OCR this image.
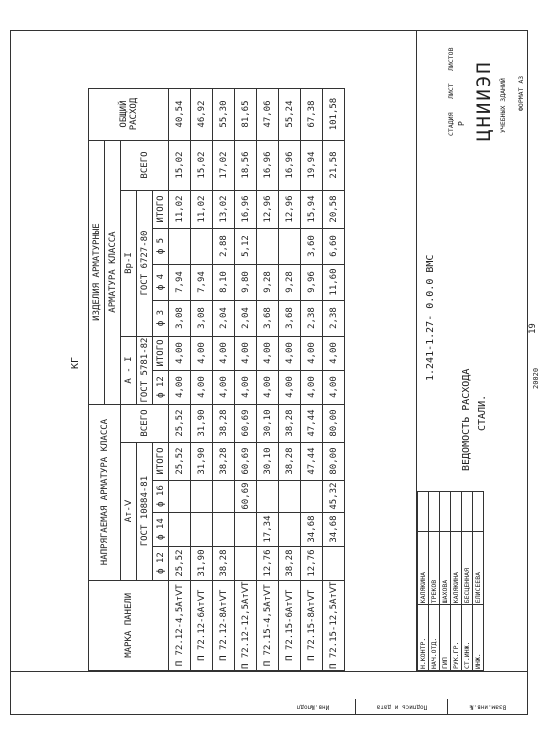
Инв.№подл	Подпись и дата	Взам.инв.№
КГ
МАРКА ПАНЕЛИ	НАПРЯГАЕМАЯ АРМАТУРА КЛАССА					ИЗДЕЛИЯ АРМАТУРНЫЕ							ОБЩИЙ РАСХОД
						АРМАТУРА КЛАССА							
	Ат-Ⅴ				ВСЕГО	А - I		Вр-I				ВСЕГО	
	ГОСТ 10884-81					ГОСТ 5781-82		ГОСТ 6727-80					
	ф 12	ф 14	ф 16	ИТОГО		ф 12	ИТОГО	ф 3	ф 4	ф 5	ИТОГО		
П 72.12-4,5АтⅤТ	25,52			25,52	25,52	4,00	4,00	3,08	7,94		11,02	15,02	40,54
П 72.12-6АтⅤТ	31,90			31,90	31,90	4,00	4,00	3,08	7,94		11,02	15,02	46,92
П 72.12-8АтⅤТ	38,28			38,28	38,28	4,00	4,00	2,04	8,10	2,88	13,02	17,02	55,30
П 72.12-12,5АтⅤТ			60,69	60,69	60,69	4,00	4,00	2,04	9,80	5,12	16,96	18,56	81,65
П 72.15-4,5АтⅤТ	12,76	17,34		30,10	30,10	4,00	4,00	3,68	9,28		12,96	16,96	47,06
П 72.15-6АтⅤТ	38,28			38,28	38,28	4,00	4,00	3,68	9,28		12,96	16,96	55,24
П 72.15-8АтⅤТ	12,76	34,68		47,44	47,44	4,00	4,00	2,38	9,96	3,60	15,94	19,94	67,38
П 72.15-12,5АтⅤТ		34,68	45,32	80,00	80,00	4,00	4,00	2,38	11,60	6,60	20,58	21,58	101,58
Н.КОНТР.	КАЛЯКИНА	
НАЧ.ОТД.	ТРЕКОВ	
ГИП	ШАХОВА	
РУК.ГР.	КАЛЯКИНА	
СТ.ИНЖ.	БЕСЦЕННАЯ	
ИНЖ.	ЕЛИСЕЕВА	
1.241-1.27- 0.0.0 ВМС
ВЕДОМОСТЬ РАСХОДА СТАЛИ.
СТАДИЯ
ЛИСТ
ЛИСТОВ
Р ЦНИИЭП УЧЕБНЫХ ЗДАНИЙ ФОРМАТ А3
20020
19
